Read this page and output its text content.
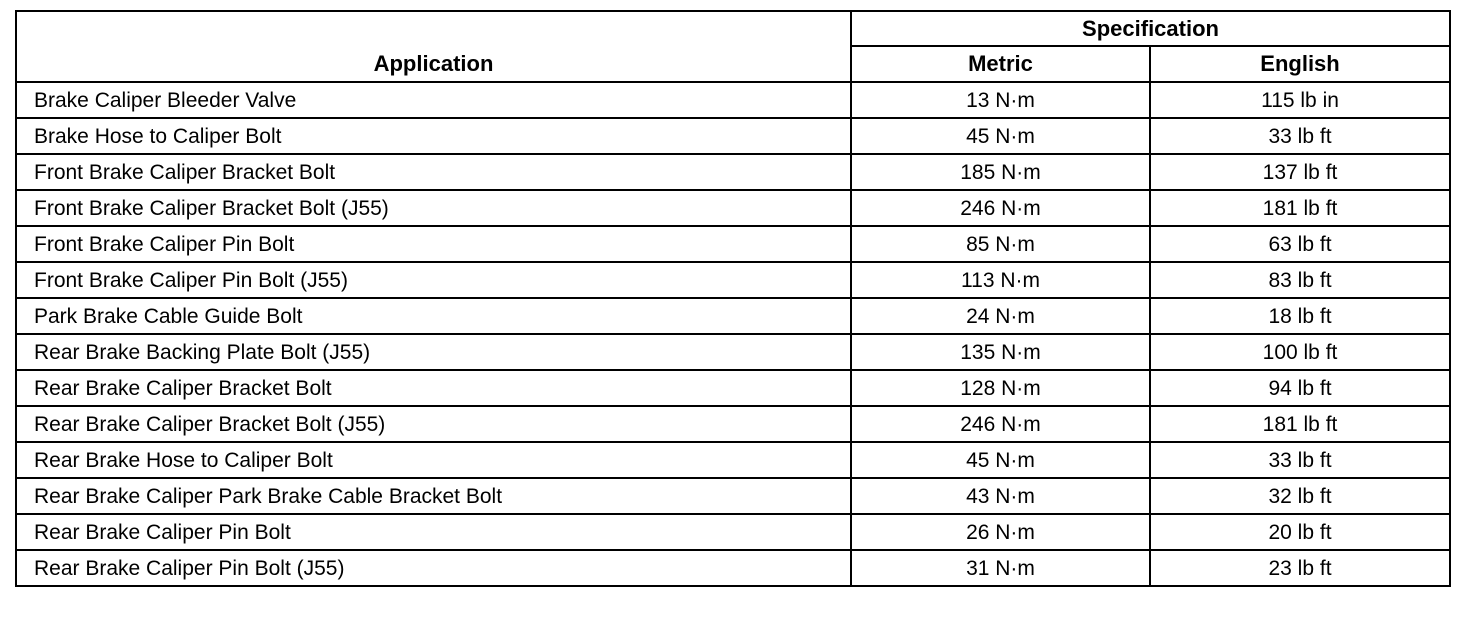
Application	Specification	
	Metric	English
Brake Caliper Bleeder Valve	13 N·m	115 lb in
Brake Hose to Caliper Bolt	45 N·m	33 lb ft
Front Brake Caliper Bracket Bolt	185 N·m	137 lb ft
Front Brake Caliper Bracket Bolt (J55)	246 N·m	181 lb ft
Front Brake Caliper Pin Bolt	85 N·m	63 lb ft
Front Brake Caliper Pin Bolt (J55)	113 N·m	83 lb ft
Park Brake Cable Guide Bolt	24 N·m	18 lb ft
Rear Brake Backing Plate Bolt (J55)	135 N·m	100 lb ft
Rear Brake Caliper Bracket Bolt	128 N·m	94 lb ft
Rear Brake Caliper Bracket Bolt (J55)	246 N·m	181 lb ft
Rear Brake Hose to Caliper Bolt	45 N·m	33 lb ft
Rear Brake Caliper Park Brake Cable Bracket Bolt	43 N·m	32 lb ft
Rear Brake Caliper Pin Bolt	26 N·m	20 lb ft
Rear Brake Caliper Pin Bolt (J55)	31 N·m	23 lb ft
